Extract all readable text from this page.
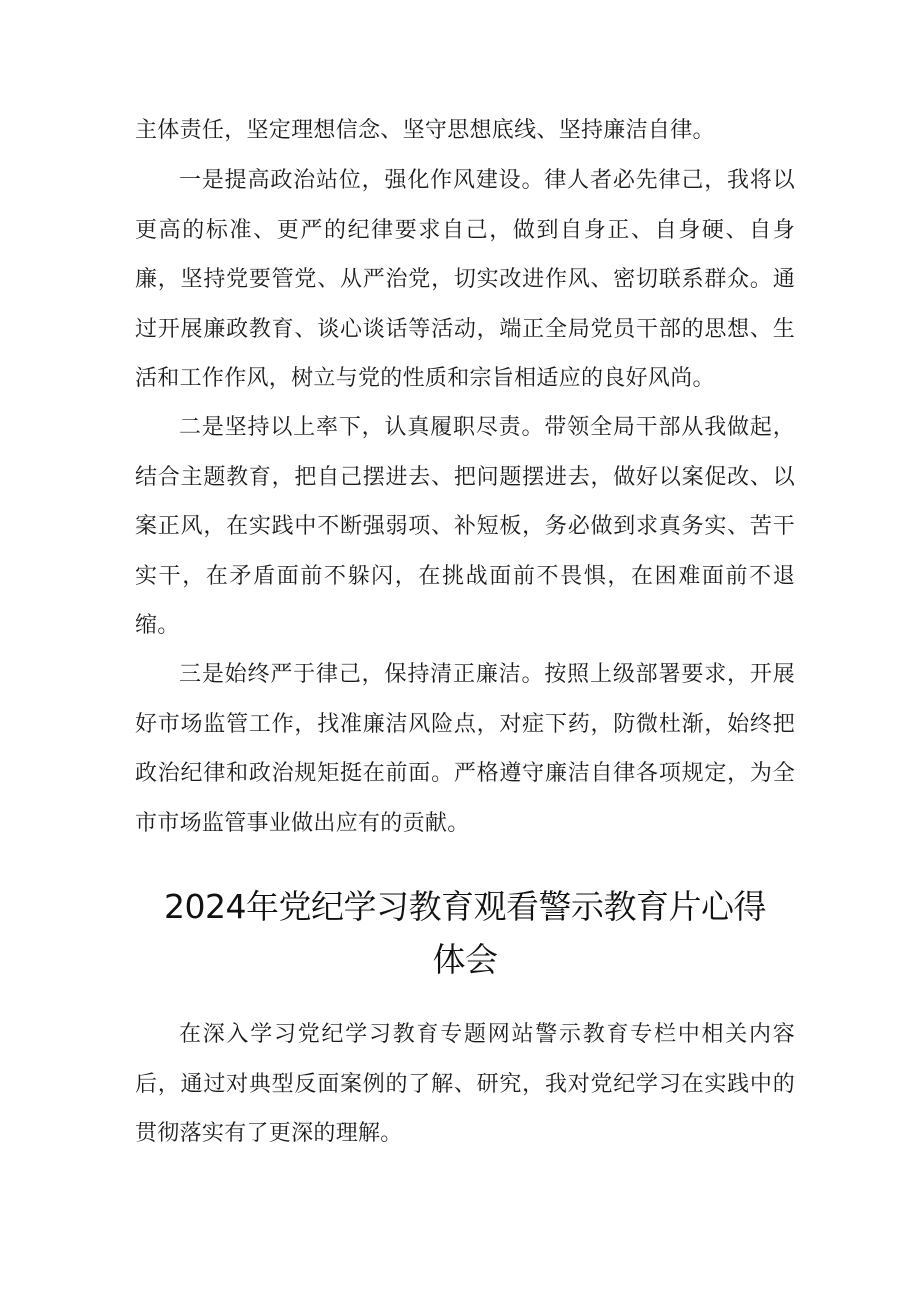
主体责任，坚定理想信念、坚守思想底线、坚持廉洁自律。

一是提高政治站位，强化作风建设。律人者必先律己，我将以更高的标准、更严的纪律要求自己，做到自身正、自身硬、自身廉，坚持党要管党、从严治党，切实改进作风、密切联系群众。通过开展廉政教育、谈心谈话等活动，端正全局党员干部的思想、生活和工作作风，树立与党的性质和宗旨相适应的良好风尚。

二是坚持以上率下，认真履职尽责。带领全局干部从我做起，结合主题教育，把自己摆进去、把问题摆进去，做好以案促改、以案正风，在实践中不断强弱项、补短板，务必做到求真务实、苦干实干，在矛盾面前不躲闪，在挑战面前不畏惧，在困难面前不退缩。

三是始终严于律己，保持清正廉洁。按照上级部署要求，开展好市场监管工作，找准廉洁风险点，对症下药，防微杜渐，始终把政治纪律和政治规矩挺在前面。严格遵守廉洁自律各项规定，为全市市场监管事业做出应有的贡献。

2024年党纪学习教育观看警示教育片心得
体会

在深入学习党纪学习教育专题网站警示教育专栏中相关内容后，通过对典型反面案例的了解、研究，我对党纪学习在实践中的贯彻落实有了更深的理解。
